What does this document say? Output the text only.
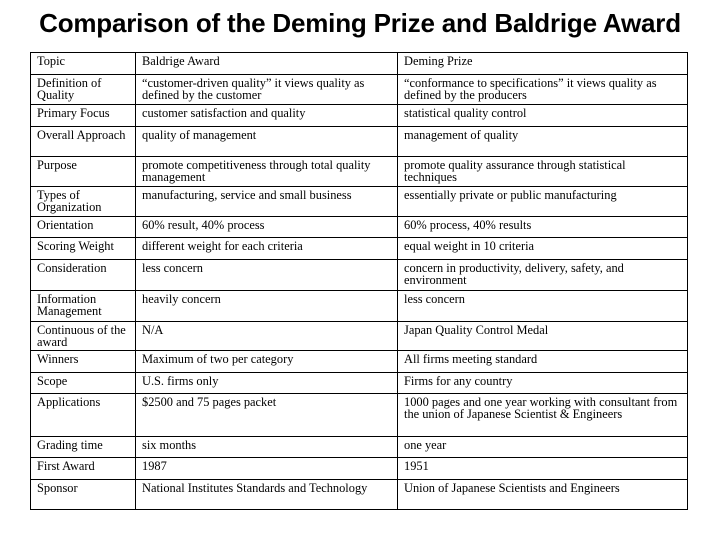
Comparison of the Deming Prize and Baldrige Award
Topic	Baldrige Award	Deming Prize
Definition of Quality	“customer-driven quality” it views quality as defined by the customer	“conformance to specifications” it views quality as defined by the producers
Primary Focus	customer satisfaction and quality	statistical quality control
Overall Approach	quality of management	management of quality
Purpose	promote competitiveness through total quality management	promote quality assurance through statistical techniques
Types of Organization	manufacturing, service and small business	essentially private or public manufacturing
Orientation	60% result, 40% process	60% process, 40% results
Scoring Weight	different weight for each criteria	equal weight in 10 criteria
Consideration	less concern	concern in productivity, delivery, safety, and environment
Information Management	heavily concern	less concern
Continuous of the award	N/A	Japan Quality Control Medal
Winners	Maximum of two per category	All firms meeting standard
Scope	U.S. firms only	Firms for any country
Applications	$2500 and 75 pages packet	1000 pages and one year working with consultant from the union of Japanese Scientist & Engineers
Grading time	six months	one year
First Award	1987	1951
Sponsor	National Institutes Standards and Technology	Union of Japanese Scientists and Engineers
